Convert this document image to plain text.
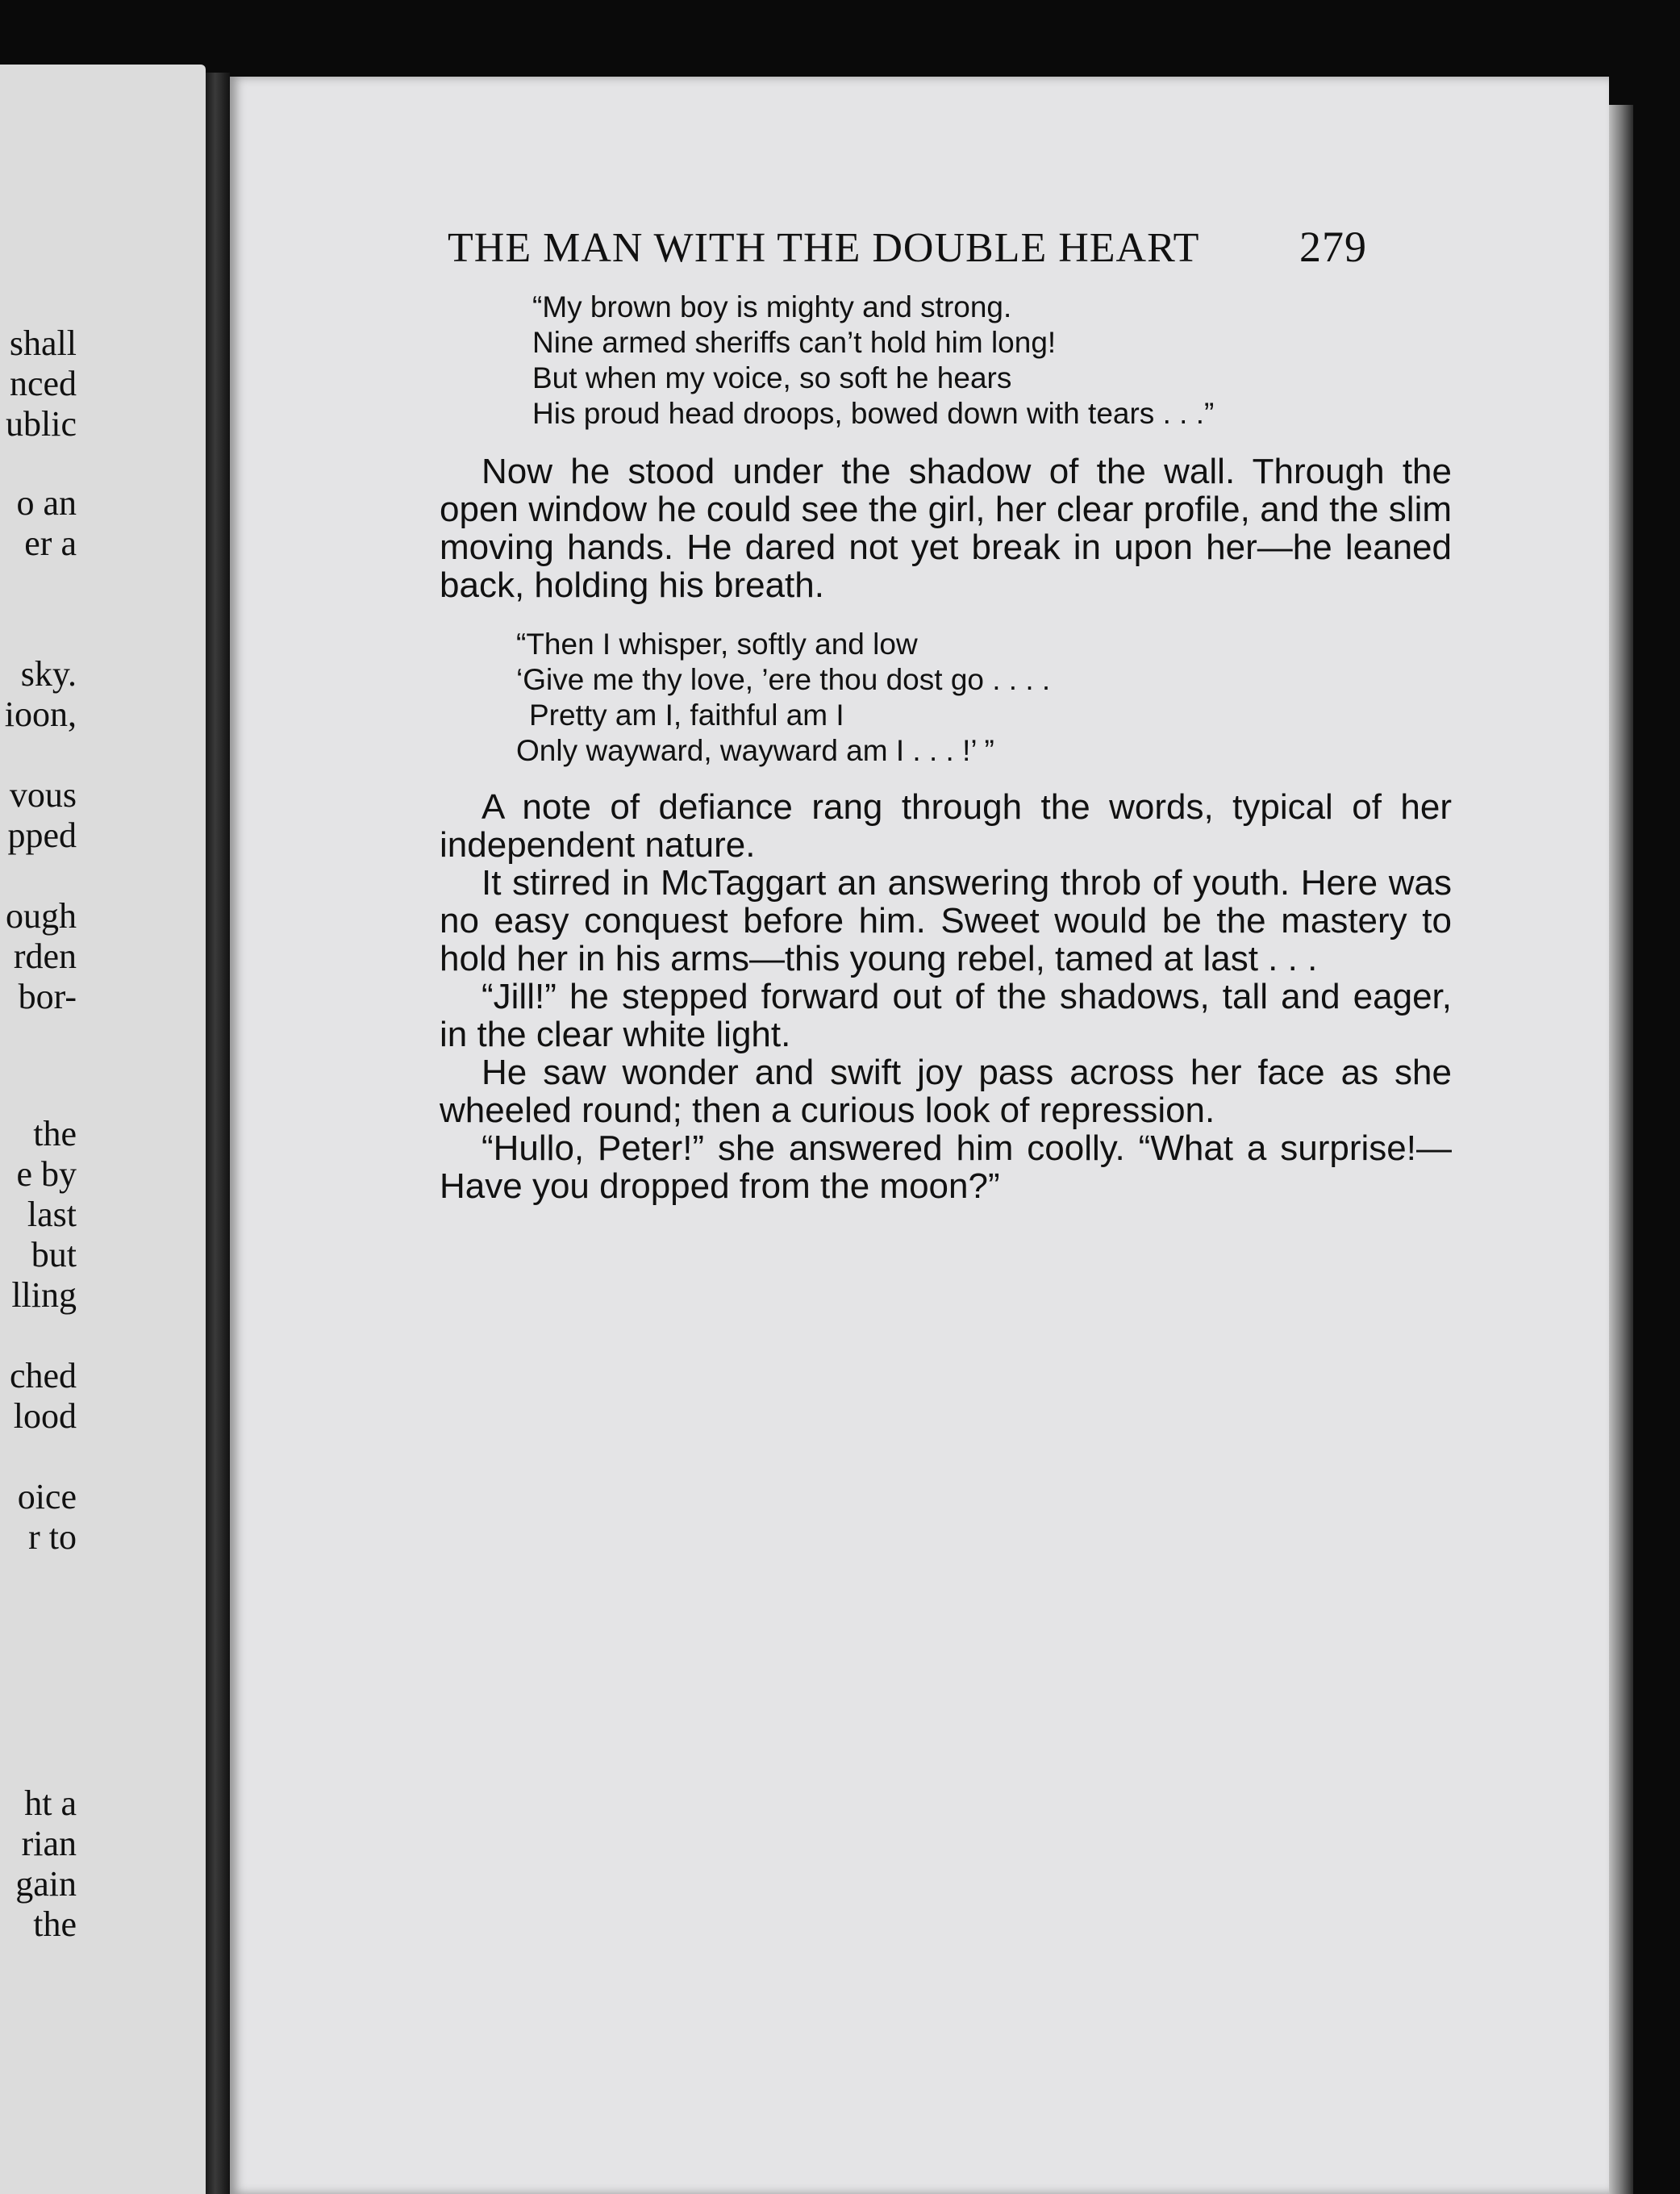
shall
nced
ublic
o an
er a
sky.
ioon,
vous
pped
ough
rden
bor-
the
e by
last
but
lling
ched
lood
oice
r to
ht a
rian
gain
the
THE MAN WITH THE DOUBLE HEART	279
“My brown boy is mighty and strong.
Nine armed sheriffs can’t hold him long!
But when my voice, so soft he hears
His proud head droops, bowed down with tears . . .”

Now he stood under the shadow of the wall. Through the open window he could see the girl, her clear profile, and the slim moving hands. He dared not yet break in upon her—he leaned back, holding his breath.

“Then I whisper, softly and low
‘Give me thy love, ’ere thou dost go . . . .
Pretty am I, faithful am I
Only wayward, wayward am I . . . !’ ”

A note of defiance rang through the words, typical of her independent nature.

It stirred in McTaggart an answering throb of youth. Here was no easy conquest before him. Sweet would be the mastery to hold her in his arms—this young rebel, tamed at last . . .

“Jill!” he stepped forward out of the shadows, tall and eager, in the clear white light.

He saw wonder and swift joy pass across her face as she wheeled round; then a curious look of repression.

“Hullo, Peter!” she answered him coolly. “What a surprise!—Have you dropped from the moon?”
